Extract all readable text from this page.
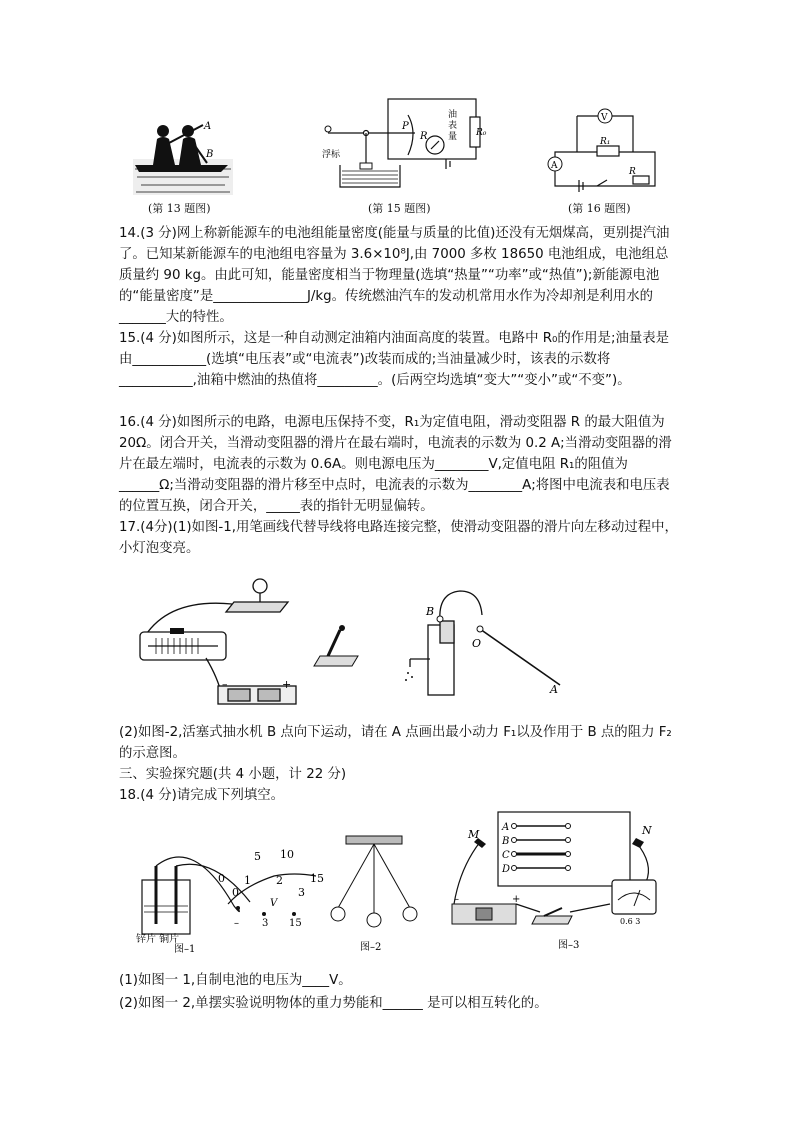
A
B
(第 13 题图)
P
R
油
表
量 R₀
浮标
(第 15 题图)
V
A
R₁
R
(第 16 题图)

14.(3 分)网上称新能源车的电池组能量密度(能量与质量的比值)还没有无烟煤高，更别提汽油了。已知某新能源车的电池组电容量为 3.6×10⁸J,由 7000 多枚 18650 电池组成，电池组总质量约 90 kg。由此可知，能量密度相当于物理量(选填“热量”“功率”或“热值”);新能源电池的“能量密度”是______________J/kg。传统燃油汽车的发动机常用水作为冷却剂是利用水的_______大的特性。

15.(4 分)如图所示，这是一种自动测定油箱内油面高度的装置。电路中 R₀的作用是;油量表是由___________(选填“电压表”或“电流表”)改装而成的;当油量减少时，该表的示数将___________,油箱中燃油的热值将_________。(后两空均选填“变大”“变小”或“不变”)。

16.(4 分)如图所示的电路，电源电压保持不变，R₁为定值电阻，滑动变阻器 R 的最大阻值为 20Ω。闭合开关，当滑动变阻器的滑片在最右端时，电流表的示数为 0.2 A;当滑动变阻器的滑片在最左端时，电流表的示数为 0.6A。则电源电压为________V,定值电阻 R₁的阻值为______Ω;当滑动变阻器的滑片移至中点时，电流表的示数为________A;将图中电流表和电压表的位置互换，闭合开关，_____表的指针无明显偏转。

17.(4分)(1)如图-1,用笔画线代替导线将电路连接完整，使滑动变阻器的滑片向左移动过程中，小灯泡变亮。

+
–
B
O
A

(2)如图-2,活塞式抽水机 B 点向下运动，请在 A 点画出最小动力 F₁以及作用于 B 点的阻力 F₂的示意图。

三、实验探究题(共 4 小题，计 22 分)

18.(4 分)请完成下列填空。

5 10
0 1 2 15
0	3
V
– 3 15
锌片 铜片
图–1	图–2
A
B
C
D
–	+
0.6 3
M	N
图–3

(1)如图一 1,自制电池的电压为____V。

(2)如图一 2,单摆实验说明物体的重力势能和______ 是可以相互转化的。
